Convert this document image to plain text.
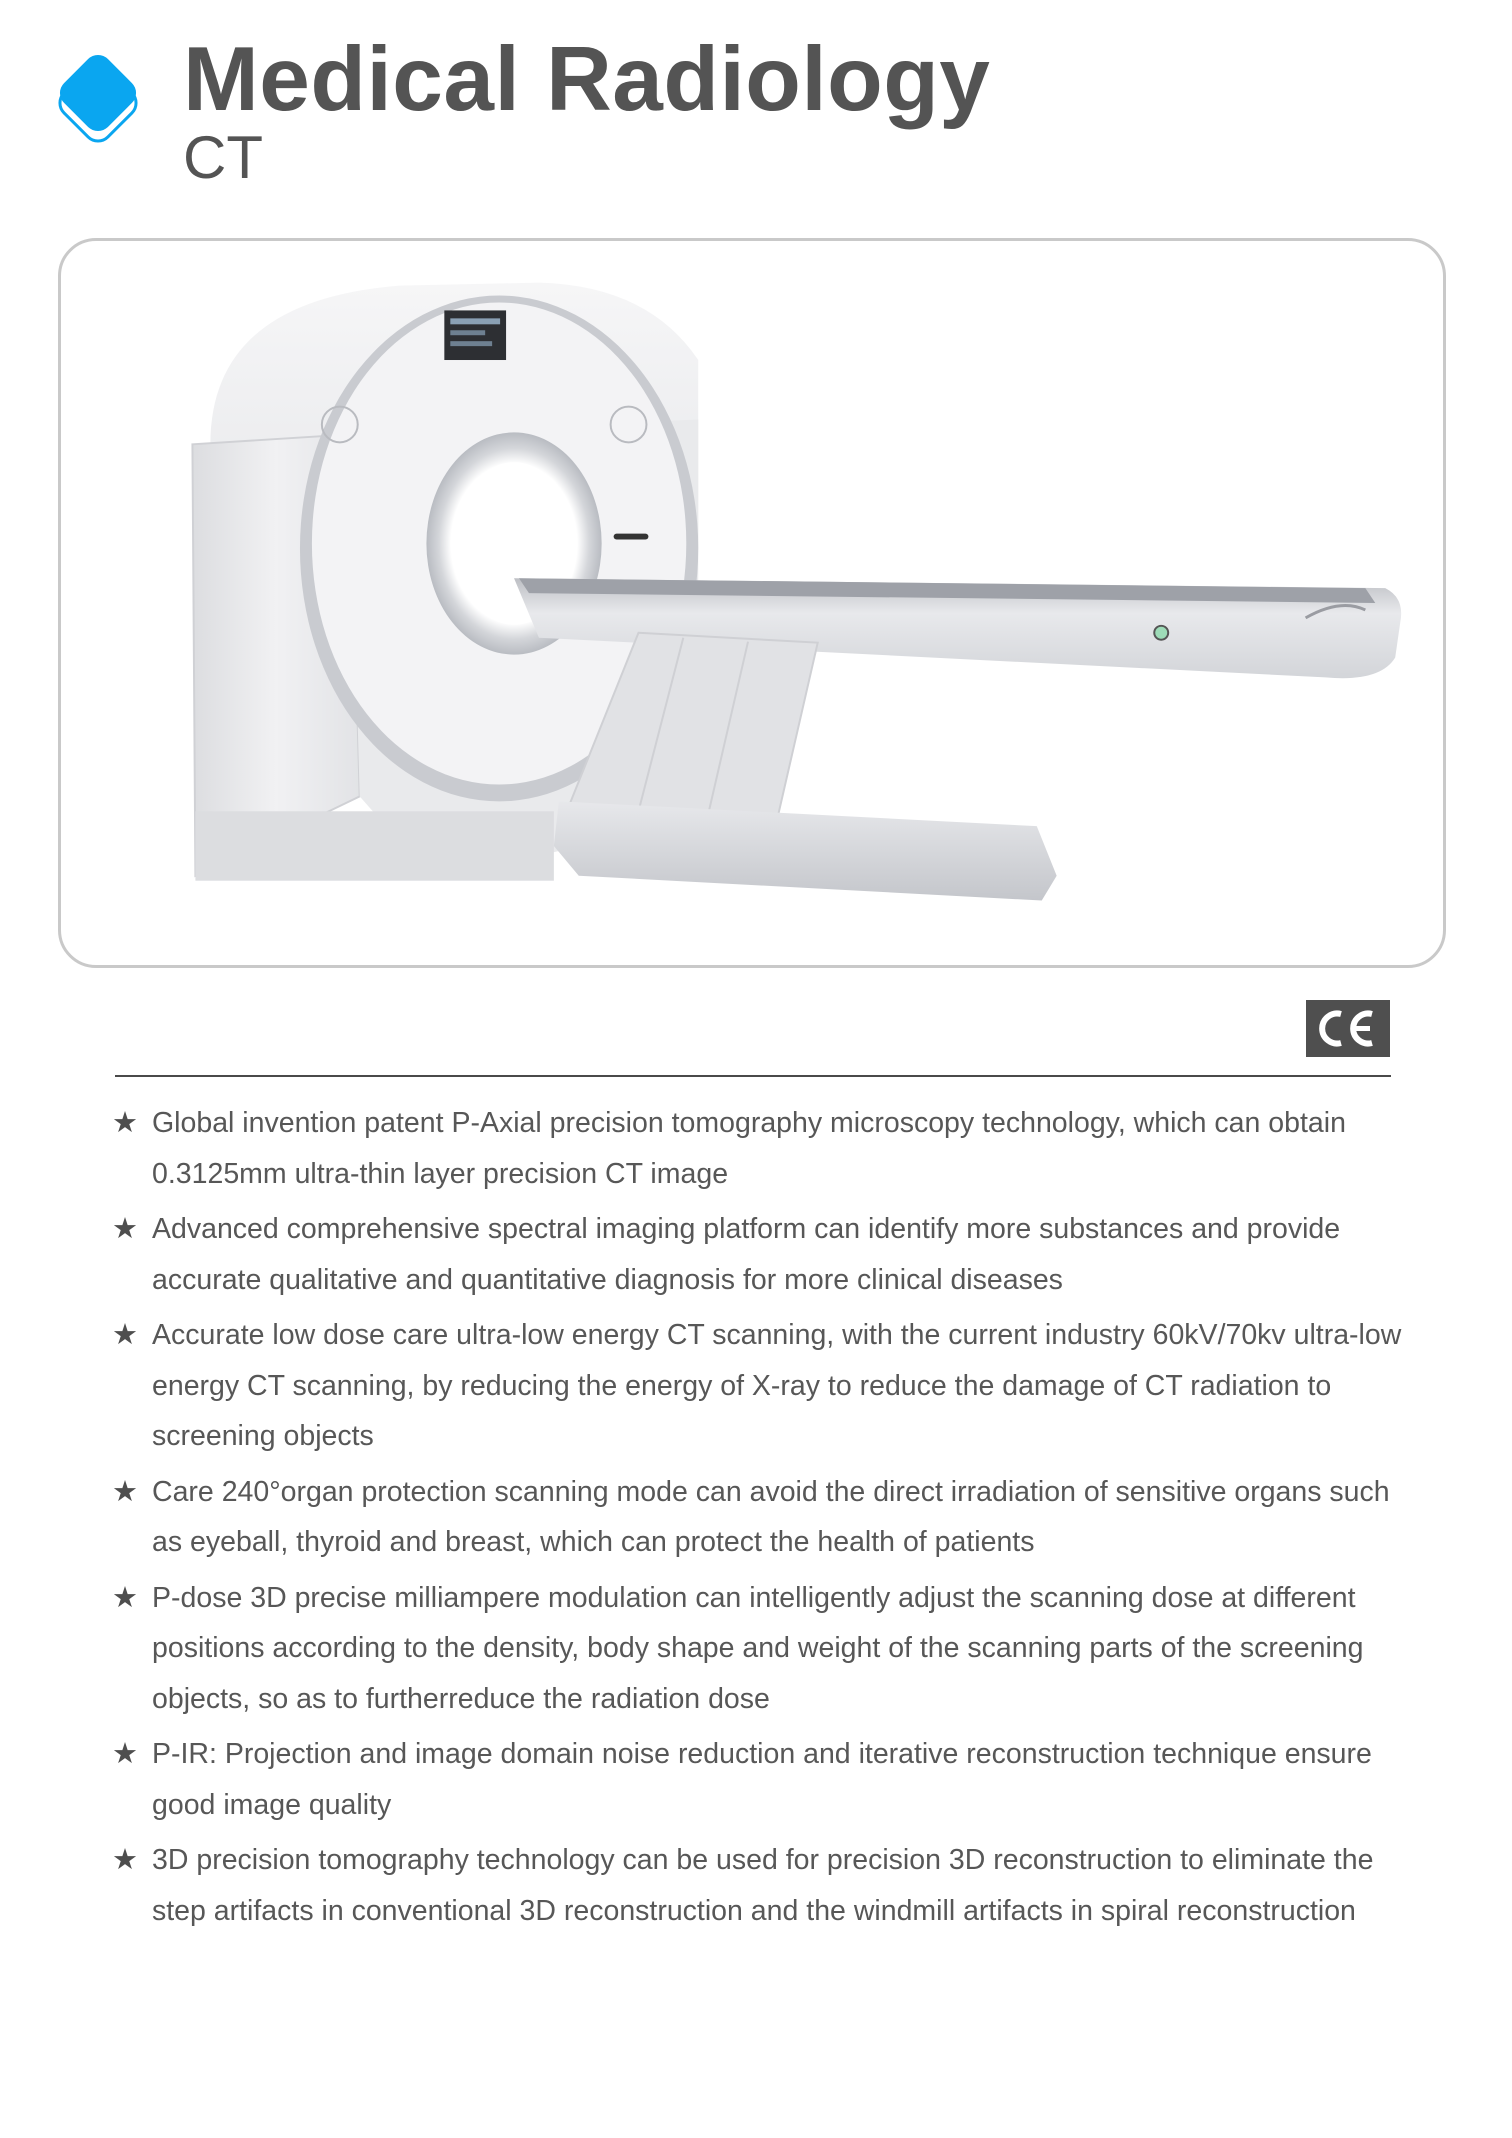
Medical Radiology
CT
★ Global invention patent P-Axial precision tomography microscopy technology, which can obtain 0.3125mm ultra-thin layer precision CT image
★ Advanced comprehensive spectral imaging platform can identify more substances and provide accurate qualitative and quantitative diagnosis for more clinical diseases
★ Accurate low dose care ultra-low energy CT scanning, with the current industry 60kV/70kv ultra-low energy CT scanning, by reducing the energy of X-ray to reduce the damage of CT radiation to screening objects
★ Care 240°organ protection scanning mode can avoid the direct irradiation of sensitive organs such as eyeball, thyroid and breast, which can protect the health of patients
★ P-dose 3D precise milliampere modulation can intelligently adjust the scanning dose at different positions according to the density, body shape and weight of the scanning parts of the screening objects, so as to furtherreduce the radiation dose
★ P-IR: Projection and image domain noise reduction and iterative reconstruction technique ensure good image quality
★ 3D precision tomography technology can be used for precision 3D reconstruction to eliminate the step artifacts in conventional 3D reconstruction and the windmill artifacts in spiral reconstruction
